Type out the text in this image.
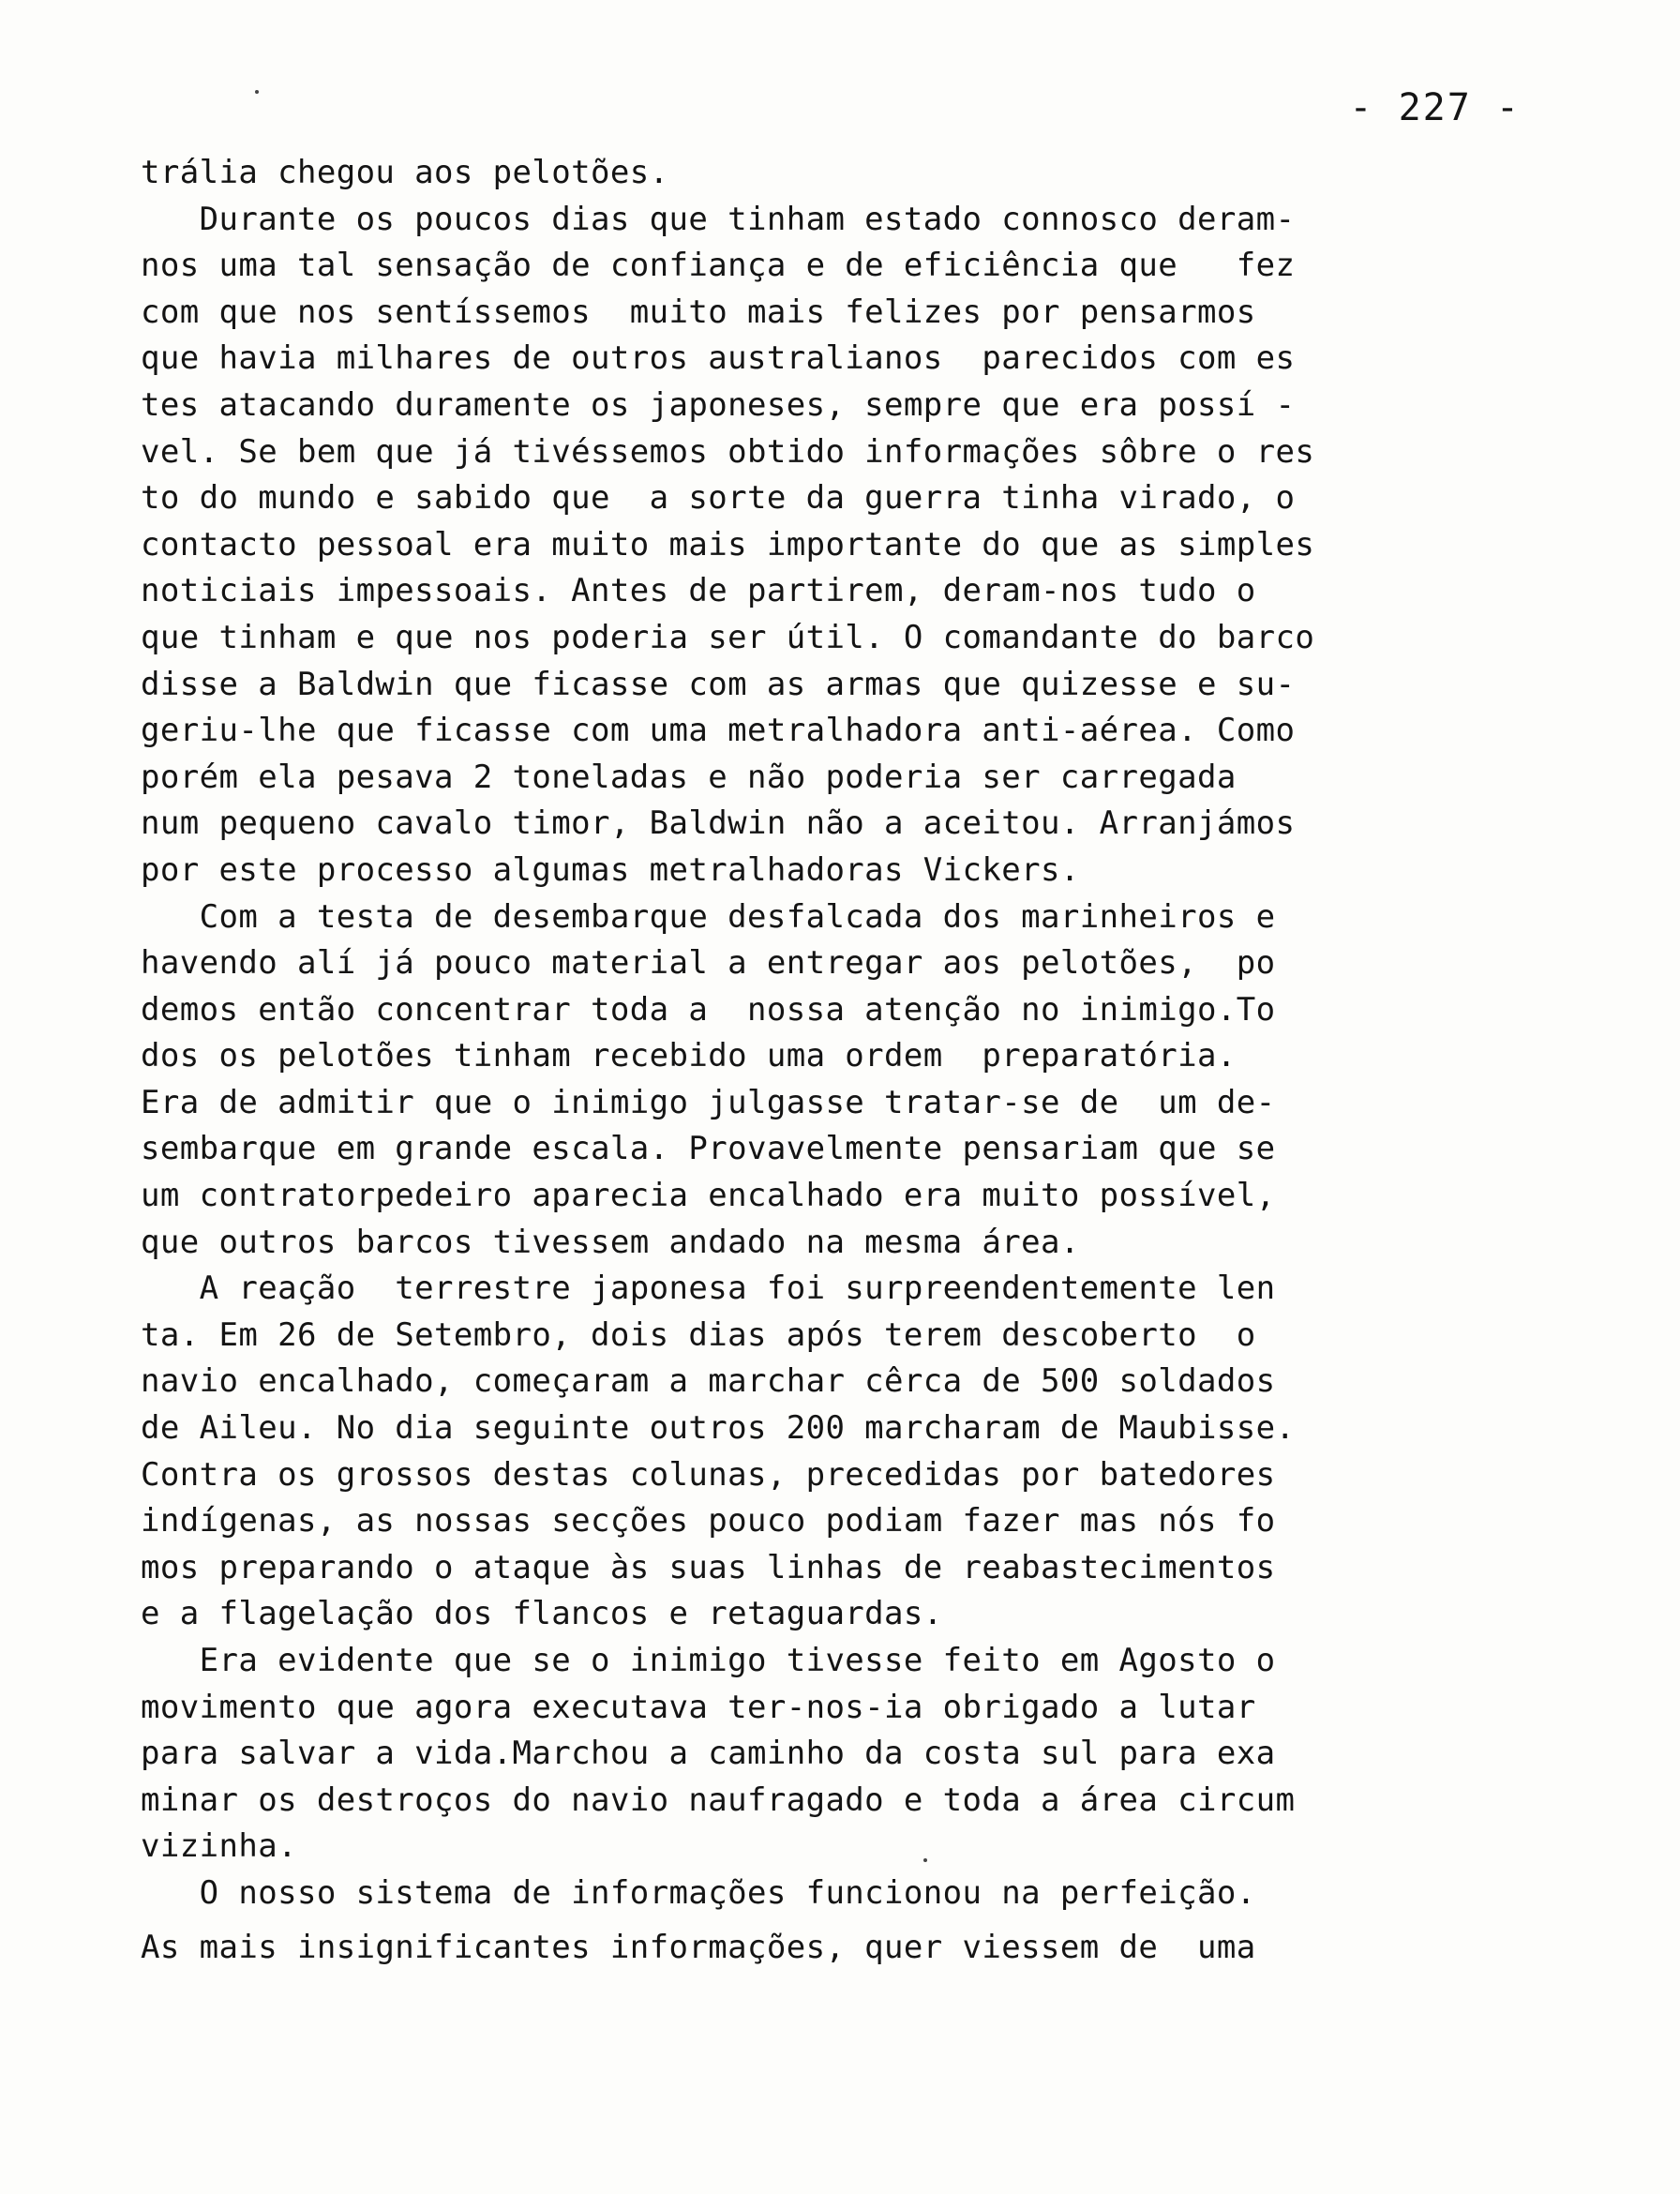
- 227 -
trália chegou aos pelotões.
Durante os poucos dias que tinham estado connosco deram-
nos uma tal sensação de confiança e de eficiência que   fez
com que nos sentíssemos  muito mais felizes por pensarmos
que havia milhares de outros australianos  parecidos com es
tes atacando duramente os japoneses, sempre que era possí -
vel. Se bem que já tivéssemos obtido informações sôbre o res
to do mundo e sabido que  a sorte da guerra tinha virado, o
contacto pessoal era muito mais importante do que as simples
noticiais impessoais. Antes de partirem, deram-nos tudo o
que tinham e que nos poderia ser útil. O comandante do barco
disse a Baldwin que ficasse com as armas que quizesse e su-
geriu-lhe que ficasse com uma metralhadora anti-aérea. Como
porém ela pesava 2 toneladas e não poderia ser carregada
num pequeno cavalo timor, Baldwin não a aceitou. Arranjámos
por este processo algumas metralhadoras Vickers.
Com a testa de desembarque desfalcada dos marinheiros e
havendo alí já pouco material a entregar aos pelotões,  po
demos então concentrar toda a  nossa atenção no inimigo.To
dos os pelotões tinham recebido uma ordem  preparatória.
Era de admitir que o inimigo julgasse tratar-se de  um de-
sembarque em grande escala. Provavelmente pensariam que se
um contratorpedeiro aparecia encalhado era muito possível,
que outros barcos tivessem andado na mesma área.
A reação  terrestre japonesa foi surpreendentemente len
ta. Em 26 de Setembro, dois dias após terem descoberto  o
navio encalhado, começaram a marchar cêrca de 500 soldados
de Aileu. No dia seguinte outros 200 marcharam de Maubisse.
Contra os grossos destas colunas, precedidas por batedores
indígenas, as nossas secções pouco podiam fazer mas nós fo
mos preparando o ataque às suas linhas de reabastecimentos
e a flagelação dos flancos e retaguardas.
Era evidente que se o inimigo tivesse feito em Agosto o
movimento que agora executava ter-nos-ia obrigado a lutar
para salvar a vida.Marchou a caminho da costa sul para exa
minar os destroços do navio naufragado e toda a área circum
vizinha.
O nosso sistema de informações funcionou na perfeição.
As mais insignificantes informações, quer viessem de  uma
